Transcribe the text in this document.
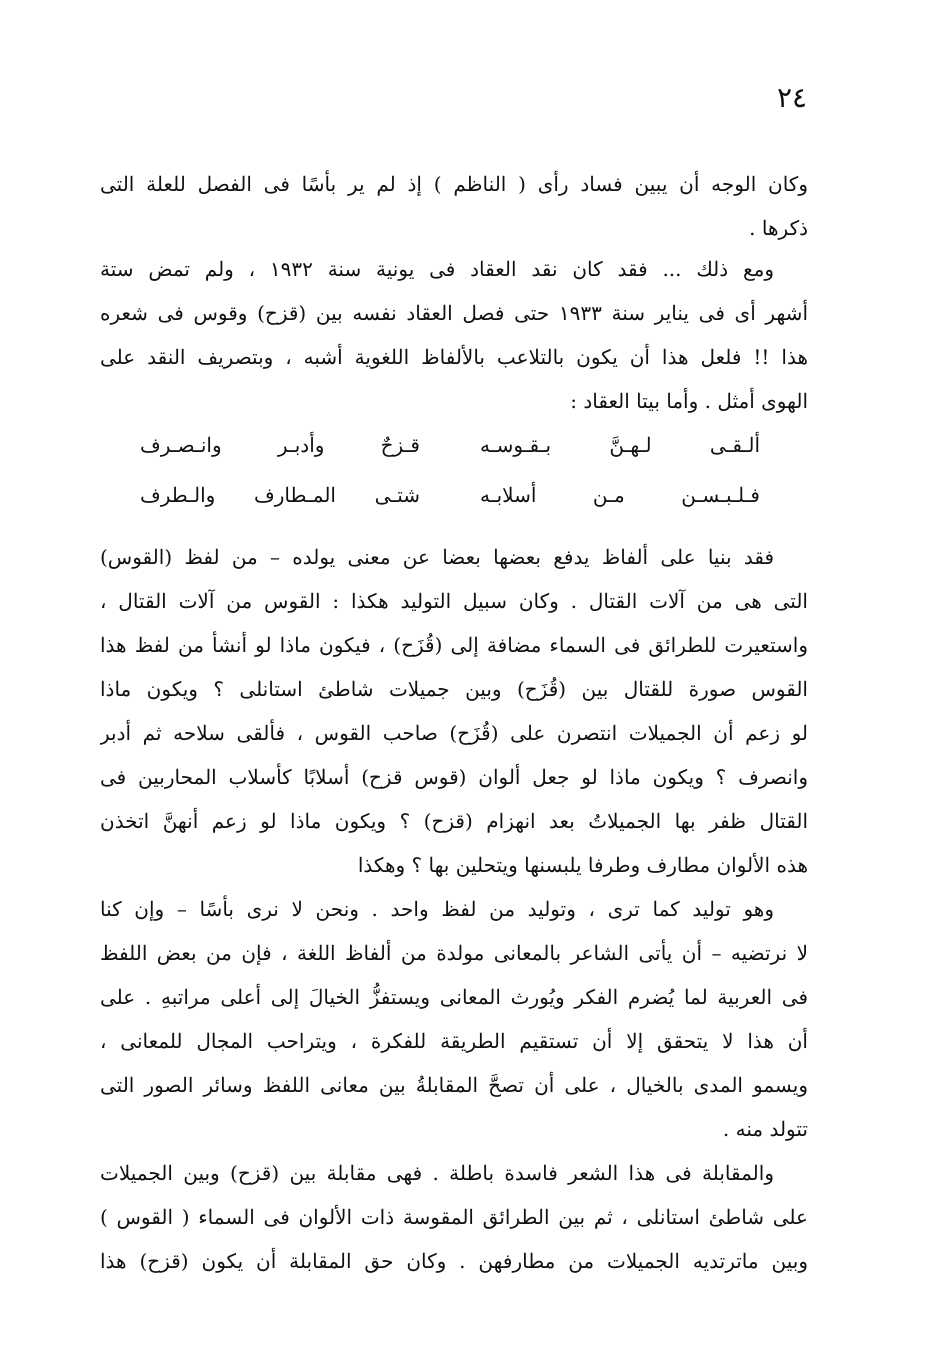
٢٤
وكان الوجه أن يبين فساد رأى ( الناظم ) إذ لم ير بأسًا فى الفصل للعلة التى
ذكرها .
ومع ذلك ... فقد كان نقد العقاد فى يونية سنة ١٩٣٢ ، ولم تمض ستة
أشهر أى فى يناير سنة ١٩٣٣ حتى فصل العقاد نفسه بين (قزح) وقوس فى شعره
هذا !! فلعل هذا أن يكون بالتلاعب بالألفاظ اللغوية أشبه ، وبتصريف النقد على
الهوى أمثل . وأما بيتا العقاد :
ألـقـى لـهـنَّ بـقـوسـه
قـزحٌ وأدبـر وانـصـرف
فـلـبـسـن مـن أسلابـه
شتـى المـطارف والـطرف
فقد بنيا على ألفاظ يدفع بعضها بعضا عن معنى يولده – من لفظ (القوس)
التى هى من آلات القتال . وكان سبيل التوليد هكذا : القوس من آلات القتال ،
واستعيرت للطرائق فى السماء مضافة إلى (قُزَح) ، فيكون ماذا لو أنشأ من لفظ هذا
القوس صورة للقتال بين (قُزَح) وبين جميلات شاطئ استانلى ؟ ويكون ماذا
لو زعم أن الجميلات انتصرن على (قُزَح) صاحب القوس ، فألقى سلاحه ثم أدبر
وانصرف ؟ ويكون ماذا لو جعل ألوان (قوس قزح) أسلابًا كأسلاب المحاربين فى
القتال ظفر بها الجميلاتُ بعد انهزام (قزح) ؟ ويكون ماذا لو زعم أنهنَّ اتخذن
هذه الألوان مطارف وطرفا يلبسنها ويتحلين بها ؟ وهكذا
وهو توليد كما ترى ، وتوليد من لفظ واحد . ونحن لا نرى بأسًا – وإن كنا
لا نرتضيه – أن يأتى الشاعر بالمعانى مولدة من ألفاظ اللغة ، فإن من بعض اللفظ
فى العربية لما يُضرم الفكر ويُورث المعانى ويستفزُّ الخيالَ إلى أعلى مراتبهِ . على
أن هذا لا يتحقق إلا أن تستقيم الطريقة للفكرة ، ويتراحب المجال للمعانى ،
ويسمو المدى بالخيال ، على أن تصحَّ المقابلةُ بين معانى اللفظ وسائر الصور التى
تتولد منه .
والمقابلة فى هذا الشعر فاسدة باطلة . فهى مقابلة بين (قزح) وبين الجميلات
على شاطئ استانلى ، ثم بين الطرائق المقوسة ذات الألوان فى السماء ( القوس )
وبين ماترتديه الجميلات من مطارفهن . وكان حق المقابلة أن يكون (قزح) هذا
